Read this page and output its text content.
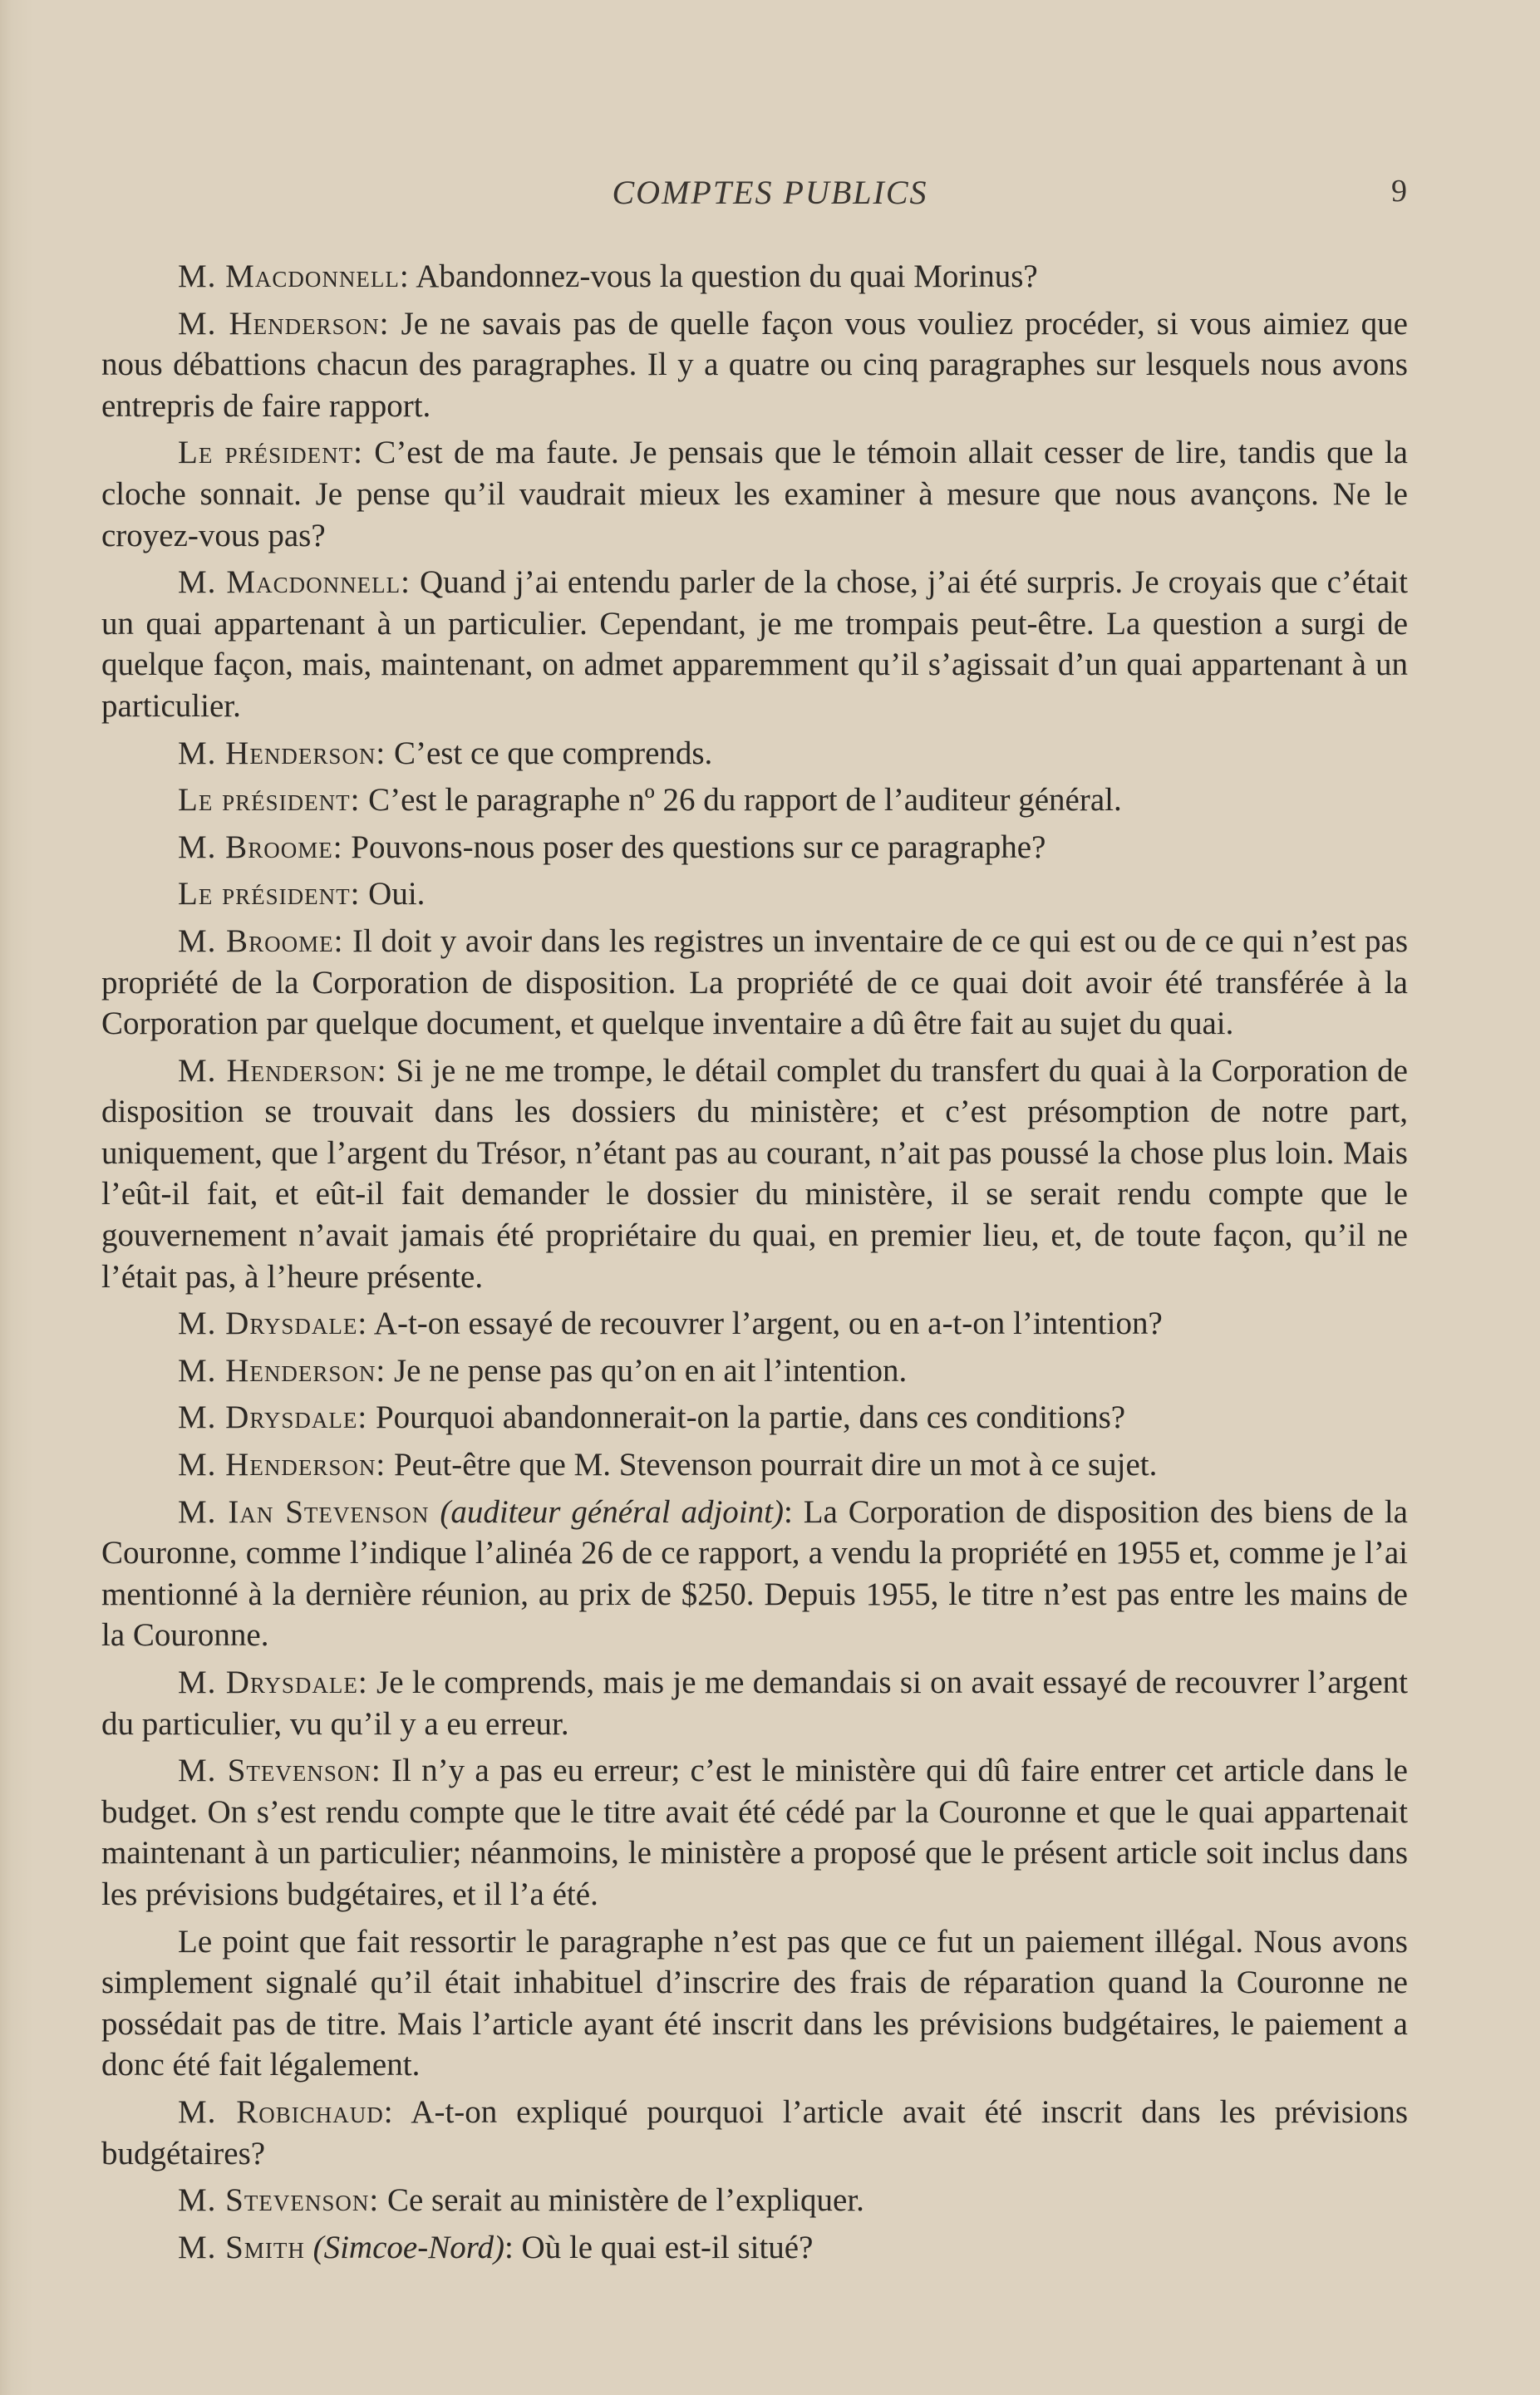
COMPTES PUBLICS	9

M. Macdonnell: Abandonnez-vous la question du quai Morinus?

M. Henderson: Je ne savais pas de quelle façon vous vouliez procéder, si vous aimiez que nous débattions chacun des paragraphes. Il y a quatre ou cinq paragraphes sur lesquels nous avons entrepris de faire rapport.

Le président: C’est de ma faute. Je pensais que le témoin allait cesser de lire, tandis que la cloche sonnait. Je pense qu’il vaudrait mieux les examiner à mesure que nous avançons. Ne le croyez-vous pas?

M. Macdonnell: Quand j’ai entendu parler de la chose, j’ai été surpris. Je croyais que c’était un quai appartenant à un particulier. Cependant, je me trompais peut-être. La question a surgi de quelque façon, mais, maintenant, on admet apparemment qu’il s’agissait d’un quai appartenant à un particulier.

M. Henderson: C’est ce que comprends.

Le président: C’est le paragraphe nº 26 du rapport de l’auditeur général.

M. Broome: Pouvons-nous poser des questions sur ce paragraphe?

Le président: Oui.

M. Broome: Il doit y avoir dans les registres un inventaire de ce qui est ou de ce qui n’est pas propriété de la Corporation de disposition. La propriété de ce quai doit avoir été transférée à la Corporation par quelque document, et quelque inventaire a dû être fait au sujet du quai.

M. Henderson: Si je ne me trompe, le détail complet du transfert du quai à la Corporation de disposition se trouvait dans les dossiers du ministère; et c’est présomption de notre part, uniquement, que l’argent du Trésor, n’étant pas au courant, n’ait pas poussé la chose plus loin. Mais l’eût-il fait, et eût-il fait demander le dossier du ministère, il se serait rendu compte que le gouvernement n’avait jamais été propriétaire du quai, en premier lieu, et, de toute façon, qu’il ne l’était pas, à l’heure présente.

M. Drysdale: A-t-on essayé de recouvrer l’argent, ou en a-t-on l’intention?

M. Henderson: Je ne pense pas qu’on en ait l’intention.

M. Drysdale: Pourquoi abandonnerait-on la partie, dans ces conditions?

M. Henderson: Peut-être que M. Stevenson pourrait dire un mot à ce sujet.

M. Ian Stevenson (auditeur général adjoint): La Corporation de disposition des biens de la Couronne, comme l’indique l’alinéa 26 de ce rapport, a vendu la propriété en 1955 et, comme je l’ai mentionné à la dernière réunion, au prix de $250. Depuis 1955, le titre n’est pas entre les mains de la Couronne.

M. Drysdale: Je le comprends, mais je me demandais si on avait essayé de recouvrer l’argent du particulier, vu qu’il y a eu erreur.

M. Stevenson: Il n’y a pas eu erreur; c’est le ministère qui dû faire entrer cet article dans le budget. On s’est rendu compte que le titre avait été cédé par la Couronne et que le quai appartenait maintenant à un particulier; néanmoins, le ministère a proposé que le présent article soit inclus dans les prévisions budgétaires, et il l’a été.

Le point que fait ressortir le paragraphe n’est pas que ce fut un paiement illégal. Nous avons simplement signalé qu’il était inhabituel d’inscrire des frais de réparation quand la Couronne ne possédait pas de titre. Mais l’article ayant été inscrit dans les prévisions budgétaires, le paiement a donc été fait légalement.

M. Robichaud: A-t-on expliqué pourquoi l’article avait été inscrit dans les prévisions budgétaires?

M. Stevenson: Ce serait au ministère de l’expliquer.

M. Smith (Simcoe-Nord): Où le quai est-il situé?
